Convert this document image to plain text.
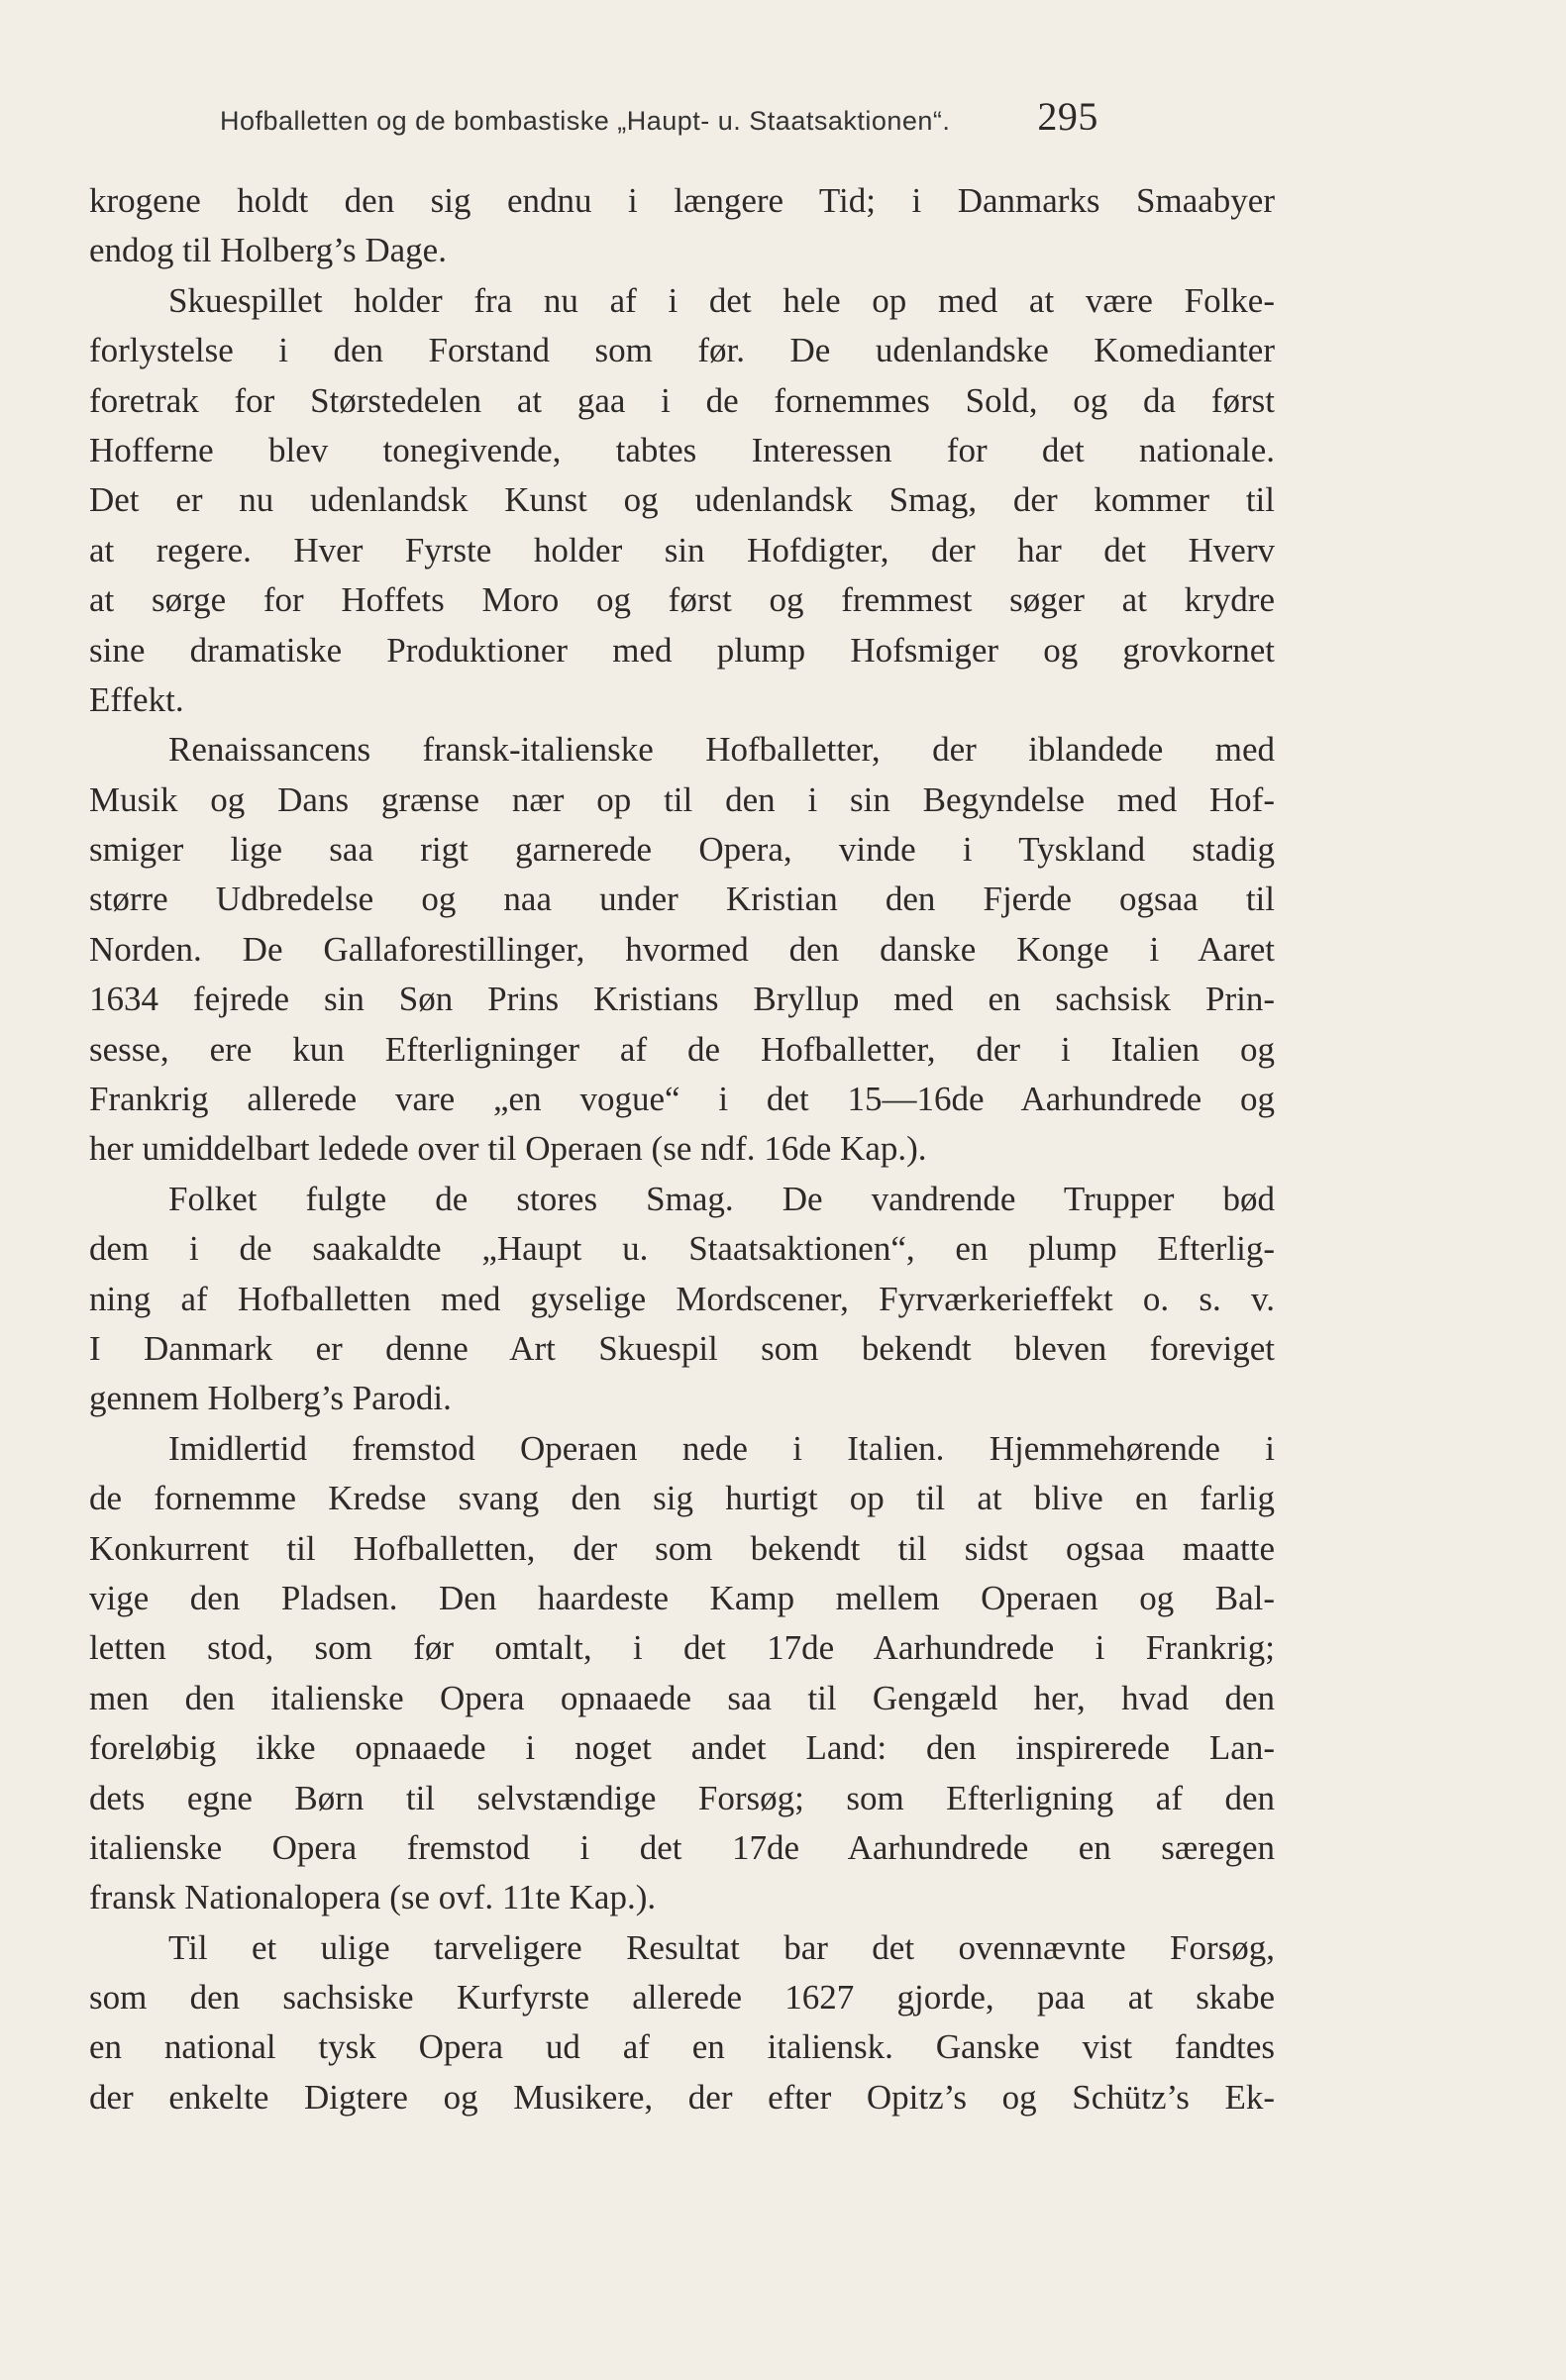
Hofballetten og de bombastiske „Haupt- u. Staatsaktionen“. 295
krogene holdt den sig endnu i længere Tid; i Danmarks Smaabyer
endog til Holberg’s Dage.
Skuespillet holder fra nu af i det hele op med at være Folke-
forlystelse i den Forstand som før. De udenlandske Komedianter
foretrak for Størstedelen at gaa i de fornemmes Sold, og da først
Hofferne blev tonegivende, tabtes Interessen for det nationale.
Det er nu udenlandsk Kunst og udenlandsk Smag, der kommer til
at regere. Hver Fyrste holder sin Hofdigter, der har det Hverv
at sørge for Hoffets Moro og først og fremmest søger at krydre
sine dramatiske Produktioner med plump Hofsmiger og grovkornet
Effekt.
Renaissancens fransk-italienske Hofballetter, der iblandede med
Musik og Dans grænse nær op til den i sin Begyndelse med Hof-
smiger lige saa rigt garnerede Opera, vinde i Tyskland stadig
større Udbredelse og naa under Kristian den Fjerde ogsaa til
Norden. De Gallaforestillinger, hvormed den danske Konge i Aaret
1634 fejrede sin Søn Prins Kristians Bryllup med en sachsisk Prin-
sesse, ere kun Efterligninger af de Hofballetter, der i Italien og
Frankrig allerede vare „en vogue“ i det 15—16de Aarhundrede og
her umiddelbart ledede over til Operaen (se ndf. 16de Kap.).
Folket fulgte de stores Smag. De vandrende Trupper bød
dem i de saakaldte „Haupt u. Staatsaktionen“, en plump Efterlig-
ning af Hofballetten med gyselige Mordscener, Fyrværkerieffekt o. s. v.
I Danmark er denne Art Skuespil som bekendt bleven foreviget
gennem Holberg’s Parodi.
Imidlertid fremstod Operaen nede i Italien. Hjemmehørende i
de fornemme Kredse svang den sig hurtigt op til at blive en farlig
Konkurrent til Hofballetten, der som bekendt til sidst ogsaa maatte
vige den Pladsen. Den haardeste Kamp mellem Operaen og Bal-
letten stod, som før omtalt, i det 17de Aarhundrede i Frankrig;
men den italienske Opera opnaaede saa til Gengæld her, hvad den
foreløbig ikke opnaaede i noget andet Land: den inspirerede Lan-
dets egne Børn til selvstændige Forsøg; som Efterligning af den
italienske Opera fremstod i det 17de Aarhundrede en særegen
fransk Nationalopera (se ovf. 11te Kap.).
Til et ulige tarveligere Resultat bar det ovennævnte Forsøg,
som den sachsiske Kurfyrste allerede 1627 gjorde, paa at skabe
en national tysk Opera ud af en italiensk. Ganske vist fandtes
der enkelte Digtere og Musikere, der efter Opitz’s og Schütz’s Ek-
